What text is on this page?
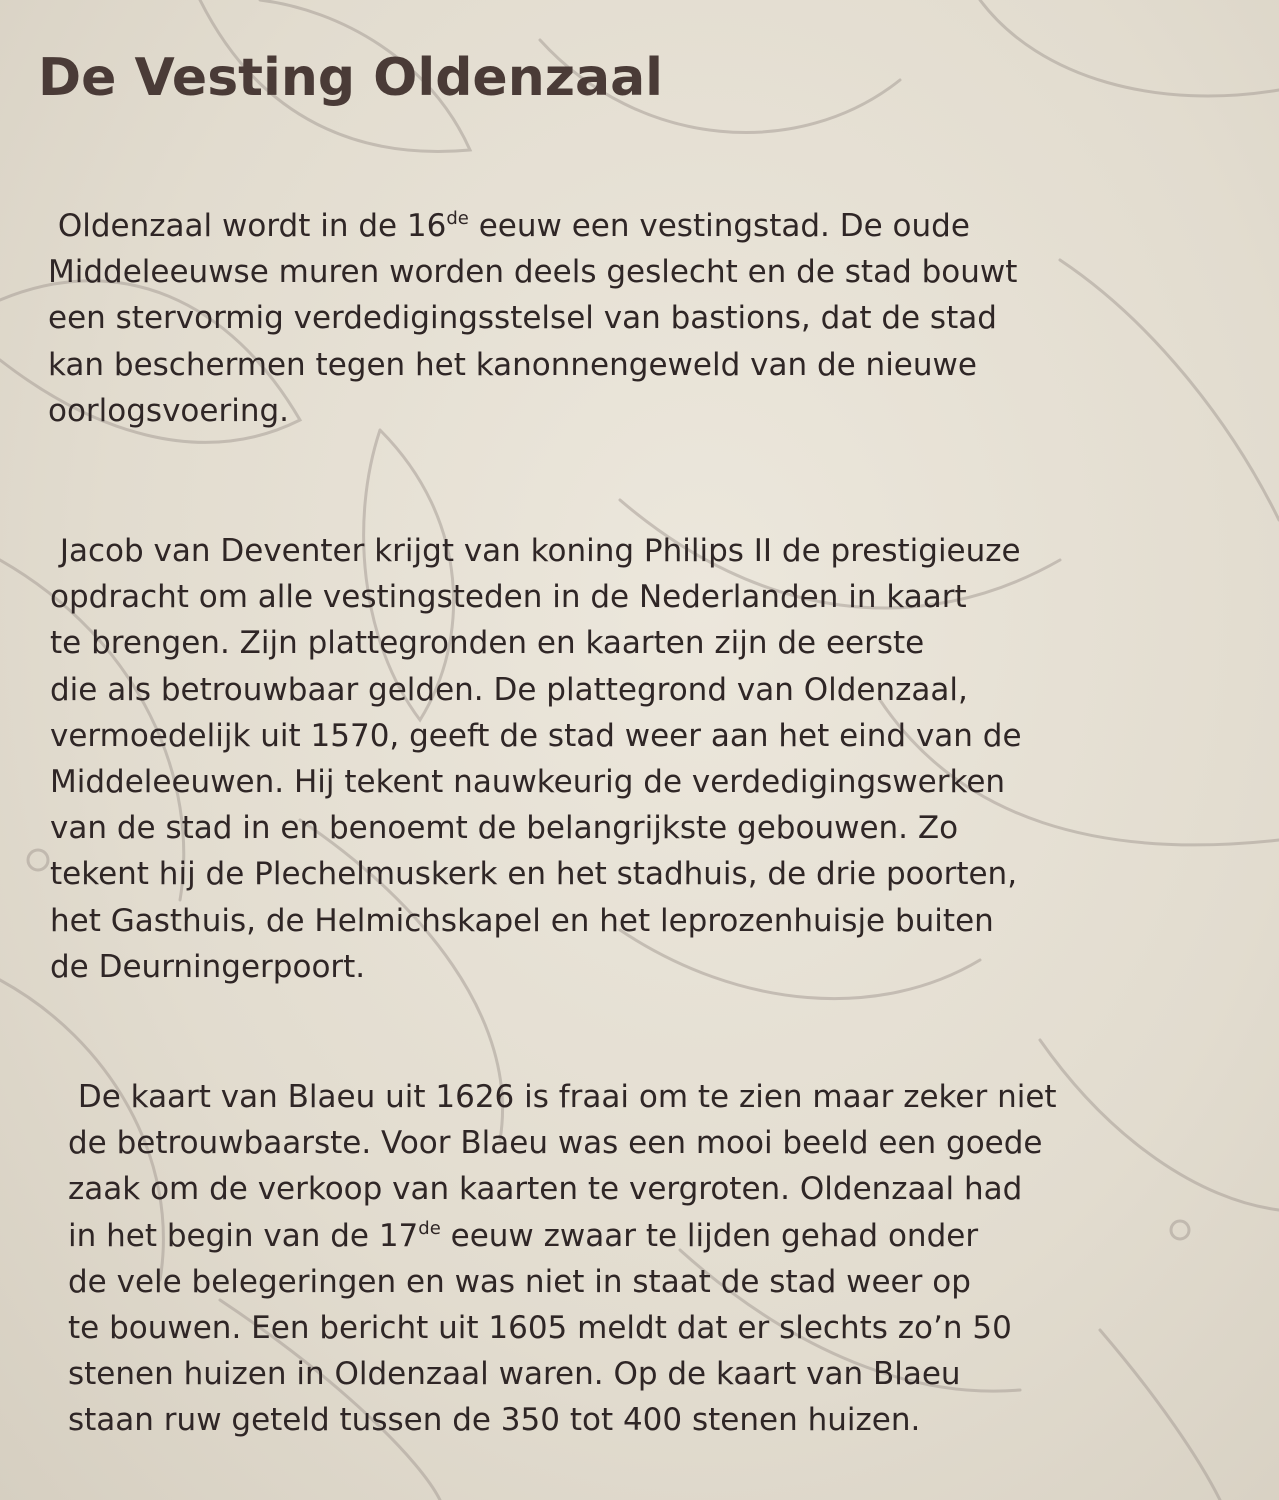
De Vesting Oldenzaal
Oldenzaal wordt in de 16de eeuw een vestingstad. De oude
Middeleeuwse muren worden deels geslecht en de stad bouwt
een stervormig verdedigingsstelsel van bastions, dat de stad
kan beschermen tegen het kanonnengeweld van de nieuwe
oorlogsvoering.
Jacob van Deventer krijgt van koning Philips II de prestigieuze
opdracht om alle vestingsteden in de Nederlanden in kaart
te brengen. Zijn plattegronden en kaarten zijn de eerste
die als betrouwbaar gelden. De plattegrond van Oldenzaal,
vermoedelijk uit 1570, geeft de stad weer aan het eind van de
Middeleeuwen. Hij tekent nauwkeurig de verdedigingswerken
van de stad in en benoemt de belangrijkste gebouwen. Zo
tekent hij de Plechelmuskerk en het stadhuis, de drie poorten,
het Gasthuis, de Helmichskapel en het leprozenhuisje buiten
de Deurningerpoort.
De kaart van Blaeu uit 1626 is fraai om te zien maar zeker niet
de betrouwbaarste. Voor Blaeu was een mooi beeld een goede
zaak om de verkoop van kaarten te vergroten. Oldenzaal had
in het begin van de 17de eeuw zwaar te lijden gehad onder
de vele belegeringen en was niet in staat de stad weer op
te bouwen. Een bericht uit 1605 meldt dat er slechts zo’n 50
stenen huizen in Oldenzaal waren. Op de kaart van Blaeu
staan ruw geteld tussen de 350 tot 400 stenen huizen.
